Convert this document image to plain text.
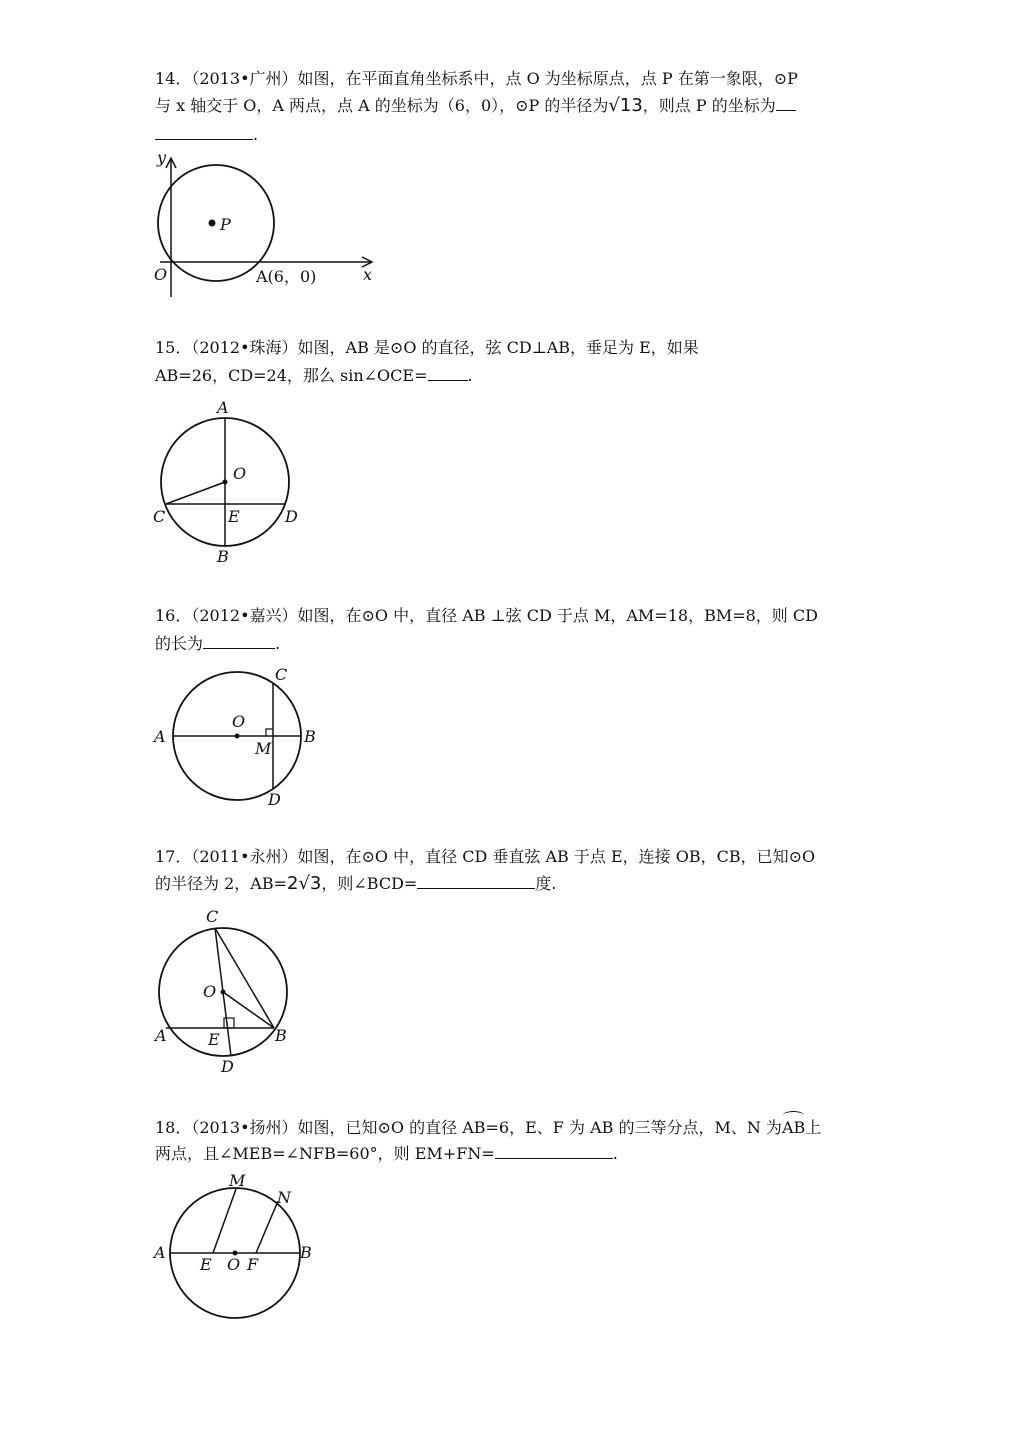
14．（2013•广州）如图，在平面直角坐标系中，点 O 为坐标原点，点 P 在第一象限，⊙P
与 x 轴交于 O，A 两点，点 A 的坐标为（6，0），⊙P 的半径为√13，则点 P 的坐标为
.
y
x
O
P
A(6，0)
15．（2012•珠海）如图，AB 是⊙O 的直径，弦 CD⊥AB，垂足为 E，如果
AB=26，CD=24，那么 sin∠OCE=	.
A
O
C	E	D
B
16．（2012•嘉兴）如图，在⊙O 中，直径 AB ⊥弦 CD 于点 M，AM=18，BM=8，则 CD
的长为	.
A
O
C
M
B
D
17．（2011•永州）如图，在⊙O 中，直径 CD 垂直弦 AB 于点 E，连接 OB，CB，已知⊙O
的半径为 2，AB=2√3，则∠BCD=	度.
C
O
A	E	B
D
18．（2013•扬州）如图，已知⊙O 的直径 AB=6，E、F 为 AB 的三等分点，M、N 为AB上
两点，且∠MEB=∠NFB=60°，则 EM+FN=	.
M
N
A
E O F
B
